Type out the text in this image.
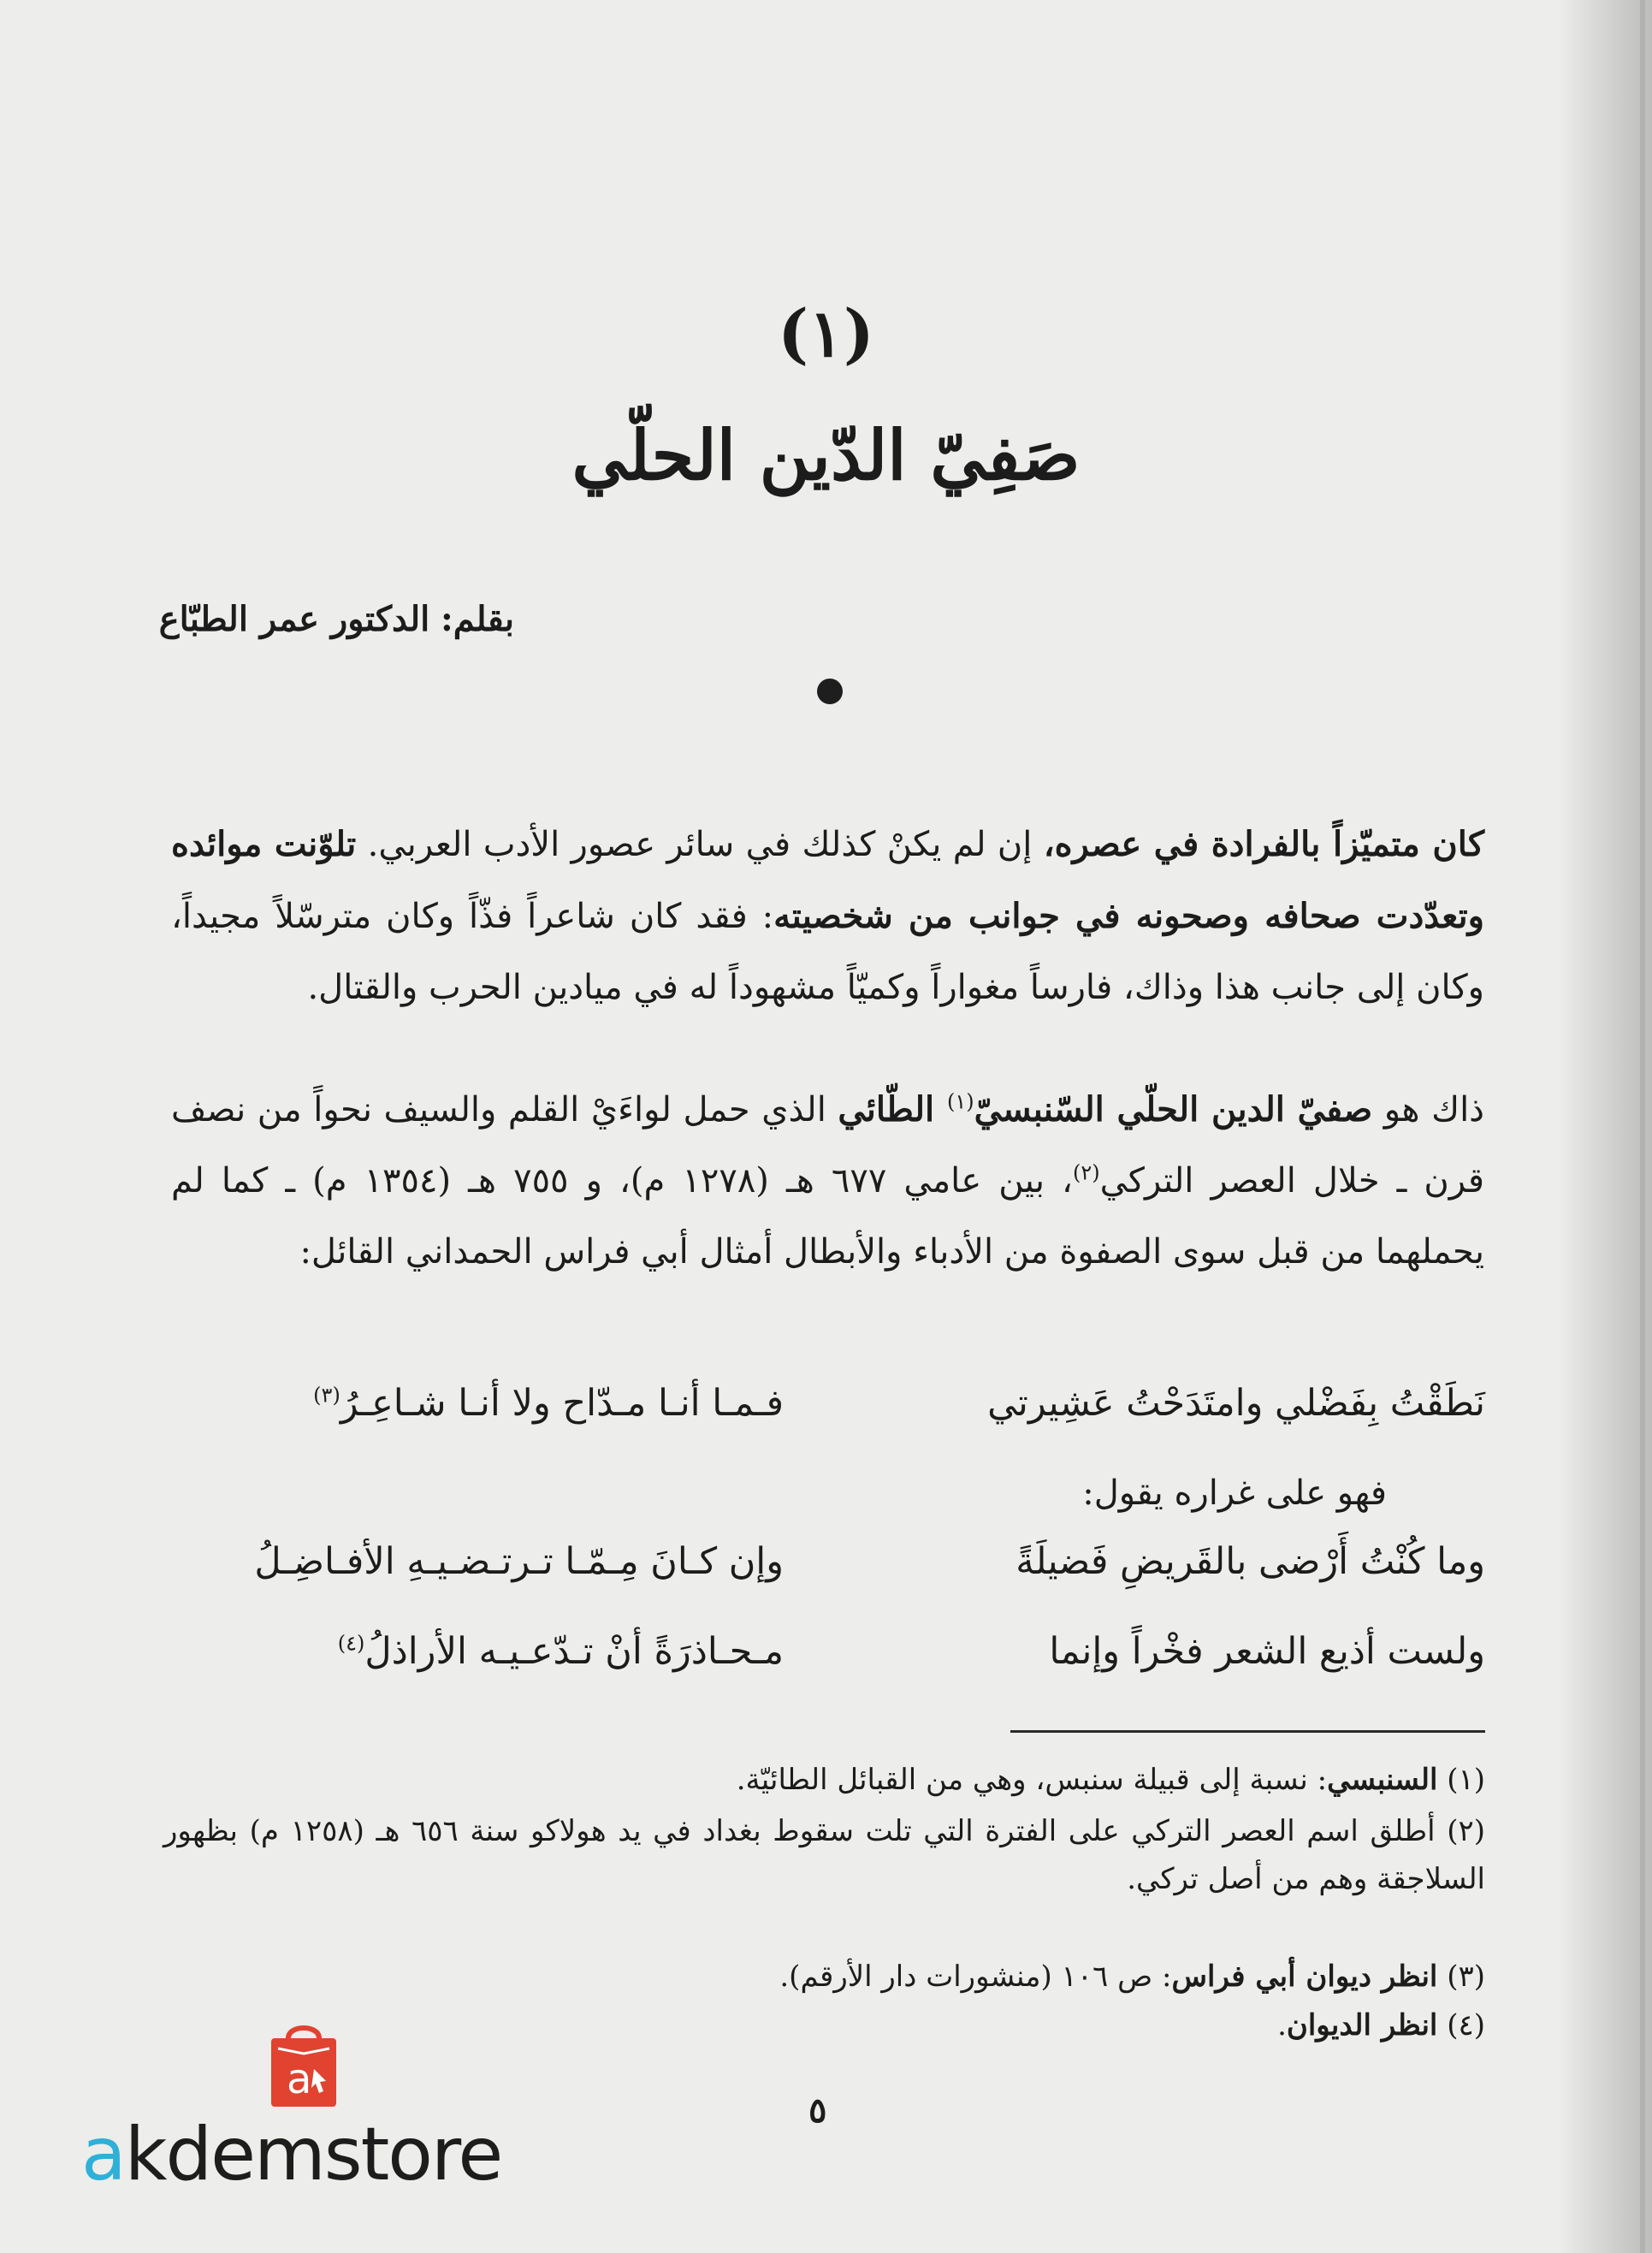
(١)
صَفِيّ الدّين الحلّي
بقلم: الدكتور عمر الطبّاع
كان متميّزاً بالفرادة في عصره، إن لم يكنْ كذلك في سائر عصور الأدب العربي. تلوّنت موائده وتعدّدت صحافه وصحونه في جوانب من شخصيته: فقد كان شاعراً فذّاً وكان مترسّلاً مجيداً، وكان إلى جانب هذا وذاك، فارساً مغواراً وكميّاً مشهوداً له في ميادين الحرب والقتال.
ذاك هو صفيّ الدين الحلّي السّنبسيّ$^{(١)}$ الطّائي الذي حمل لواءَيْ القلم والسيف نحواً من نصف قرن ـ خلال العصر التركي$^{(٢)}$، بين عامي ٦٧٧ هـ (١٢٧٨ م)، و ٧٥٥ هـ (١٣٥٤ م) ـ كما لم يحملهما من قبل سوى الصفوة من الأدباء والأبطال أمثال أبي فراس الحمداني القائل:
نَطَقْتُ بِفَضْلي وامتَدَحْتُ عَشِيرتي
فـمـا أنـا مـدّاح ولا أنـا شـاعِـرُ$^{(٣)}$
فهو على غراره يقول:
وما كُنْتُ أَرْضى بالقَريضِ فَضيلَةً
وإن كـانَ مِـمّـا تـرتـضـيـهِ الأفـاضِـلُ
ولست أذيع الشعر فخْراً وإنما
مـحـاذرَةً أنْ تـدّعـيـه الأراذلُ$^{(٤)}$
(١) السنبسي: نسبة إلى قبيلة سنبس، وهي من القبائل الطائيّة.
(٢) أطلق اسم العصر التركي على الفترة التي تلت سقوط بغداد في يد هولاكو سنة ٦٥٦ هـ (١٢٥٨ م) بظهور السلاجقة وهم من أصل تركي.
(٣) انظر ديوان أبي فراس: ص ١٠٦ (منشورات دار الأرقم).
(٤) انظر الديوان.
٥
a
akdemstore
